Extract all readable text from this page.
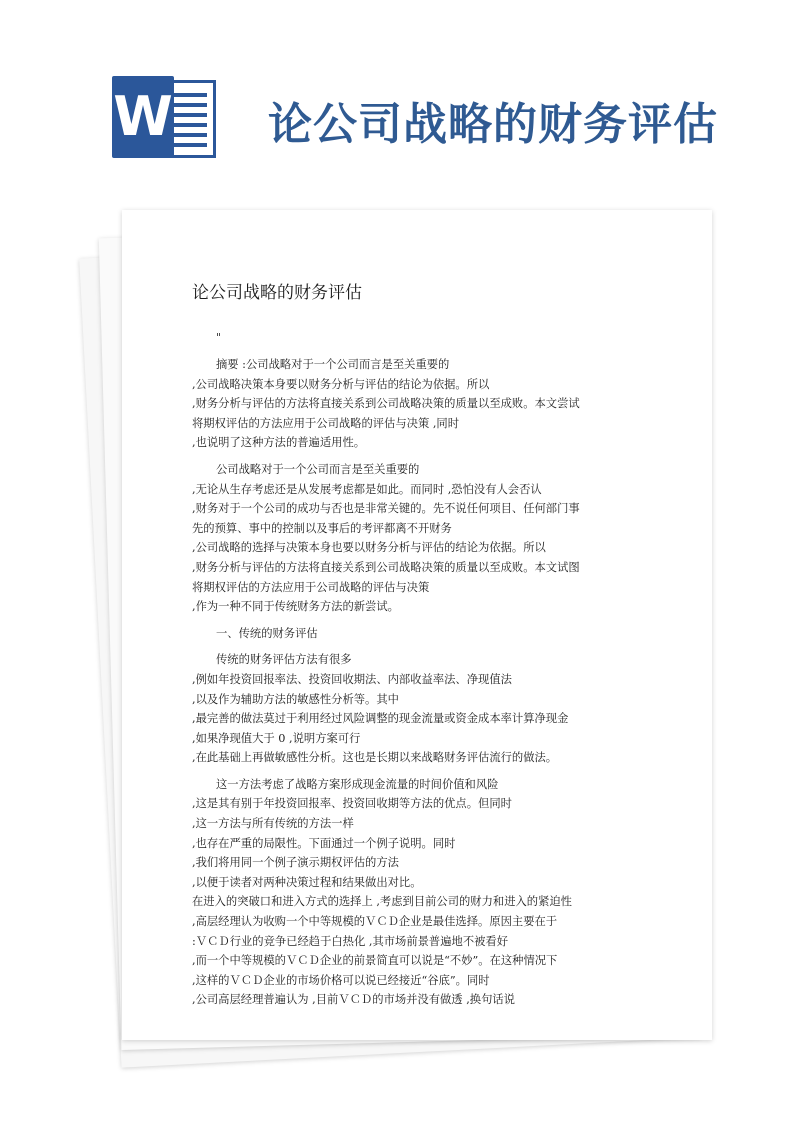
W 论公司战略的财务评估
论公司战略的财务评估
"
摘要 :公司战略对于一个公司而言是至关重要的
,公司战略决策本身要以财务分析与评估的结论为依据。所以
,财务分析与评估的方法将直接关系到公司战略决策的质量以至成败。本文尝试
将期权评估的方法应用于公司战略的评估与决策 ,同时
,也说明了这种方法的普遍适用性。
公司战略对于一个公司而言是至关重要的
,无论从生存考虑还是从发展考虑都是如此。而同时 ,恐怕没有人会否认
,财务对于一个公司的成功与否也是非常关键的。先不说任何项目、任何部门事
先的预算、事中的控制以及事后的考评都离不开财务
,公司战略的选择与决策本身也要以财务分析与评估的结论为依据。所以
,财务分析与评估的方法将直接关系到公司战略决策的质量以至成败。本文试图
将期权评估的方法应用于公司战略的评估与决策
,作为一种不同于传统财务方法的新尝试。
一、传统的财务评估
传统的财务评估方法有很多
,例如年投资回报率法、投资回收期法、内部收益率法、净现值法
,以及作为辅助方法的敏感性分析等。其中
,最完善的做法莫过于利用经过风险调整的现金流量或资金成本率计算净现金
,如果净现值大于 0 ,说明方案可行
,在此基础上再做敏感性分析。这也是长期以来战略财务评估流行的做法。
这一方法考虑了战略方案形成现金流量的时间价值和风险
,这是其有别于年投资回报率、投资回收期等方法的优点。但同时
,这一方法与所有传统的方法一样
,也存在严重的局限性。下面通过一个例子说明。同时
,我们将用同一个例子演示期权评估的方法
,以便于读者对两种决策过程和结果做出对比。
在进入的突破口和进入方式的选择上 ,考虑到目前公司的财力和进入的紧迫性
,高层经理认为收购一个中等规模的ＶＣＤ企业是最佳选择。原因主要在于
:ＶＣＤ行业的竞争已经趋于白热化 ,其市场前景普遍地不被看好
,而一个中等规模的ＶＣＤ企业的前景简直可以说是“不妙”。在这种情况下
,这样的ＶＣＤ企业的市场价格可以说已经接近“谷底”。同时
,公司高层经理普遍认为 ,目前ＶＣＤ的市场并没有做透 ,换句话说
